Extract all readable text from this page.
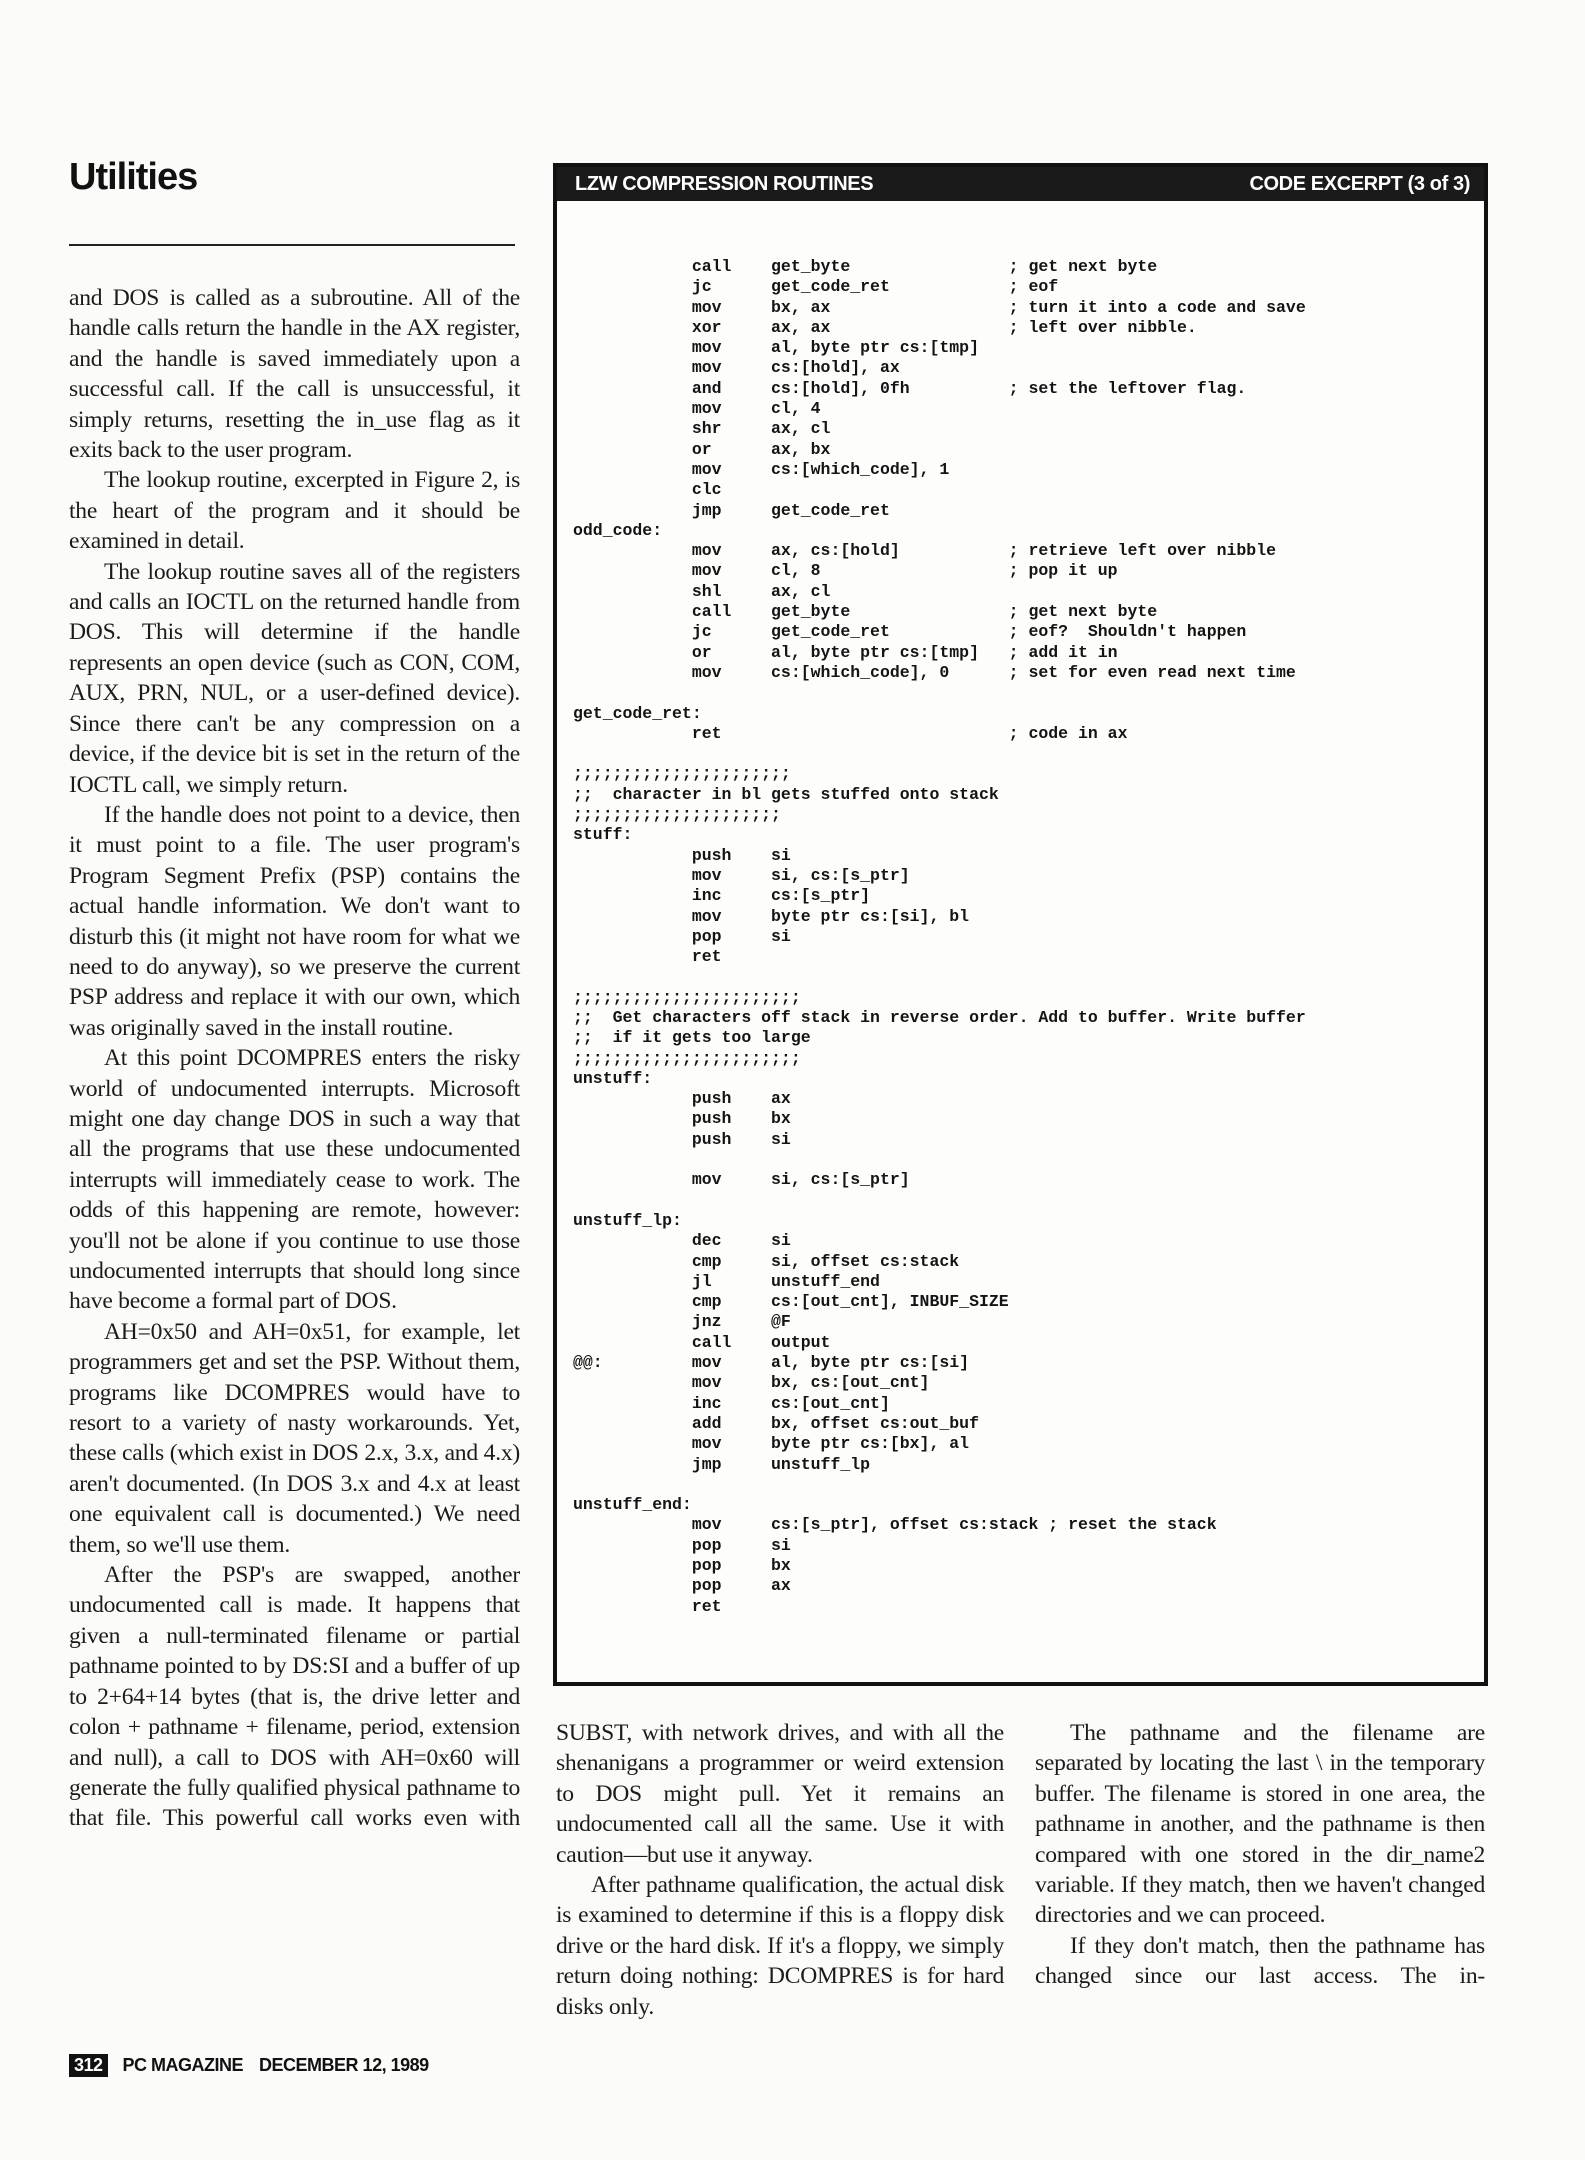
Utilities

and DOS is called as a subroutine. All of the handle calls return the handle in the AX register, and the handle is saved immediately upon a successful call. If the call is unsuccessful, it simply returns, resetting the in_use flag as it exits back to the user program.

The lookup routine, excerpted in Figure 2, is the heart of the program and it should be examined in detail.

The lookup routine saves all of the registers and calls an IOCTL on the returned handle from DOS. This will determine if the handle represents an open device (such as CON, COM, AUX, PRN, NUL, or a user-defined device). Since there can't be any compression on a device, if the device bit is set in the return of the IOCTL call, we simply return.

If the handle does not point to a device, then it must point to a file. The user program's Program Segment Prefix (PSP) contains the actual handle information. We don't want to disturb this (it might not have room for what we need to do anyway), so we preserve the current PSP address and replace it with our own, which was originally saved in the install routine.

At this point DCOMPRES enters the risky world of undocumented interrupts. Microsoft might one day change DOS in such a way that all the programs that use these undocumented interrupts will immediately cease to work. The odds of this happening are remote, however: you'll not be alone if you continue to use those undocumented interrupts that should long since have become a formal part of DOS.

AH=0x50 and AH=0x51, for example, let programmers get and set the PSP. Without them, programs like DCOMPRES would have to resort to a variety of nasty workarounds. Yet, these calls (which exist in DOS 2.x, 3.x, and 4.x) aren't documented. (In DOS 3.x and 4.x at least one equivalent call is documented.) We need them, so we'll use them.

After the PSP's are swapped, another undocumented call is made. It happens that given a null-terminated filename or partial pathname pointed to by DS:SI and a buffer of up to 2+64+14 bytes (that is, the drive letter and colon + pathname + filename, period, extension and null), a call to DOS with AH=0x60 will generate the fully qualified physical pathname to that file. This powerful call works even with

LZW COMPRESSION ROUTINES	CODE EXCERPT (3 of 3)
call    get_byte                ; get next byte
jc      get_code_ret            ; eof
mov     bx, ax                  ; turn it into a code and save
xor     ax, ax                  ; left over nibble.
mov     al, byte ptr cs:[tmp]
mov     cs:[hold], ax
and     cs:[hold], 0fh          ; set the leftover flag.
mov     cl, 4
shr     ax, cl
or      ax, bx
mov     cs:[which_code], 1
clc
jmp     get_code_ret
odd_code:
mov     ax, cs:[hold]           ; retrieve left over nibble
mov     cl, 8                   ; pop it up
shl     ax, cl
call    get_byte                ; get next byte
jc      get_code_ret            ; eof?  Shouldn't happen
or      al, byte ptr cs:[tmp]   ; add it in
mov     cs:[which_code], 0      ; set for even read next time

get_code_ret:
ret                             ; code in ax

;;;;;;;;;;;;;;;;;;;;;;
;;  character in bl gets stuffed onto stack
;;;;;;;;;;;;;;;;;;;;;
stuff:
push    si
mov     si, cs:[s_ptr]
inc     cs:[s_ptr]
mov     byte ptr cs:[si], bl
pop     si
ret

;;;;;;;;;;;;;;;;;;;;;;;
;;  Get characters off stack in reverse order. Add to buffer. Write buffer
;;  if it gets too large
;;;;;;;;;;;;;;;;;;;;;;;
unstuff:
push    ax
push    bx
push    si

mov     si, cs:[s_ptr]

unstuff_lp:
dec     si
cmp     si, offset cs:stack
jl      unstuff_end
cmp     cs:[out_cnt], INBUF_SIZE
jnz     @F
call    output
@@:         mov     al, byte ptr cs:[si]
mov     bx, cs:[out_cnt]
inc     cs:[out_cnt]
add     bx, offset cs:out_buf
mov     byte ptr cs:[bx], al
jmp     unstuff_lp

unstuff_end:
mov     cs:[s_ptr], offset cs:stack ; reset the stack
pop     si
pop     bx
pop     ax
ret

SUBST, with network drives, and with all the shenanigans a programmer or weird extension to DOS might pull. Yet it remains an undocumented call all the same. Use it with caution—but use it anyway.

After pathname qualification, the actual disk is examined to determine if this is a floppy disk drive or the hard disk. If it's a floppy, we simply return doing nothing: DCOMPRES is for hard disks only.

The pathname and the filename are separated by locating the last \ in the temporary buffer. The filename is stored in one area, the pathname in another, and the pathname is then compared with one stored in the dir_name2 variable. If they match, then we haven't changed directories and we can proceed.

If they don't match, then the pathname has changed since our last access. The in-

312 PC MAGAZINE DECEMBER 12, 1989
